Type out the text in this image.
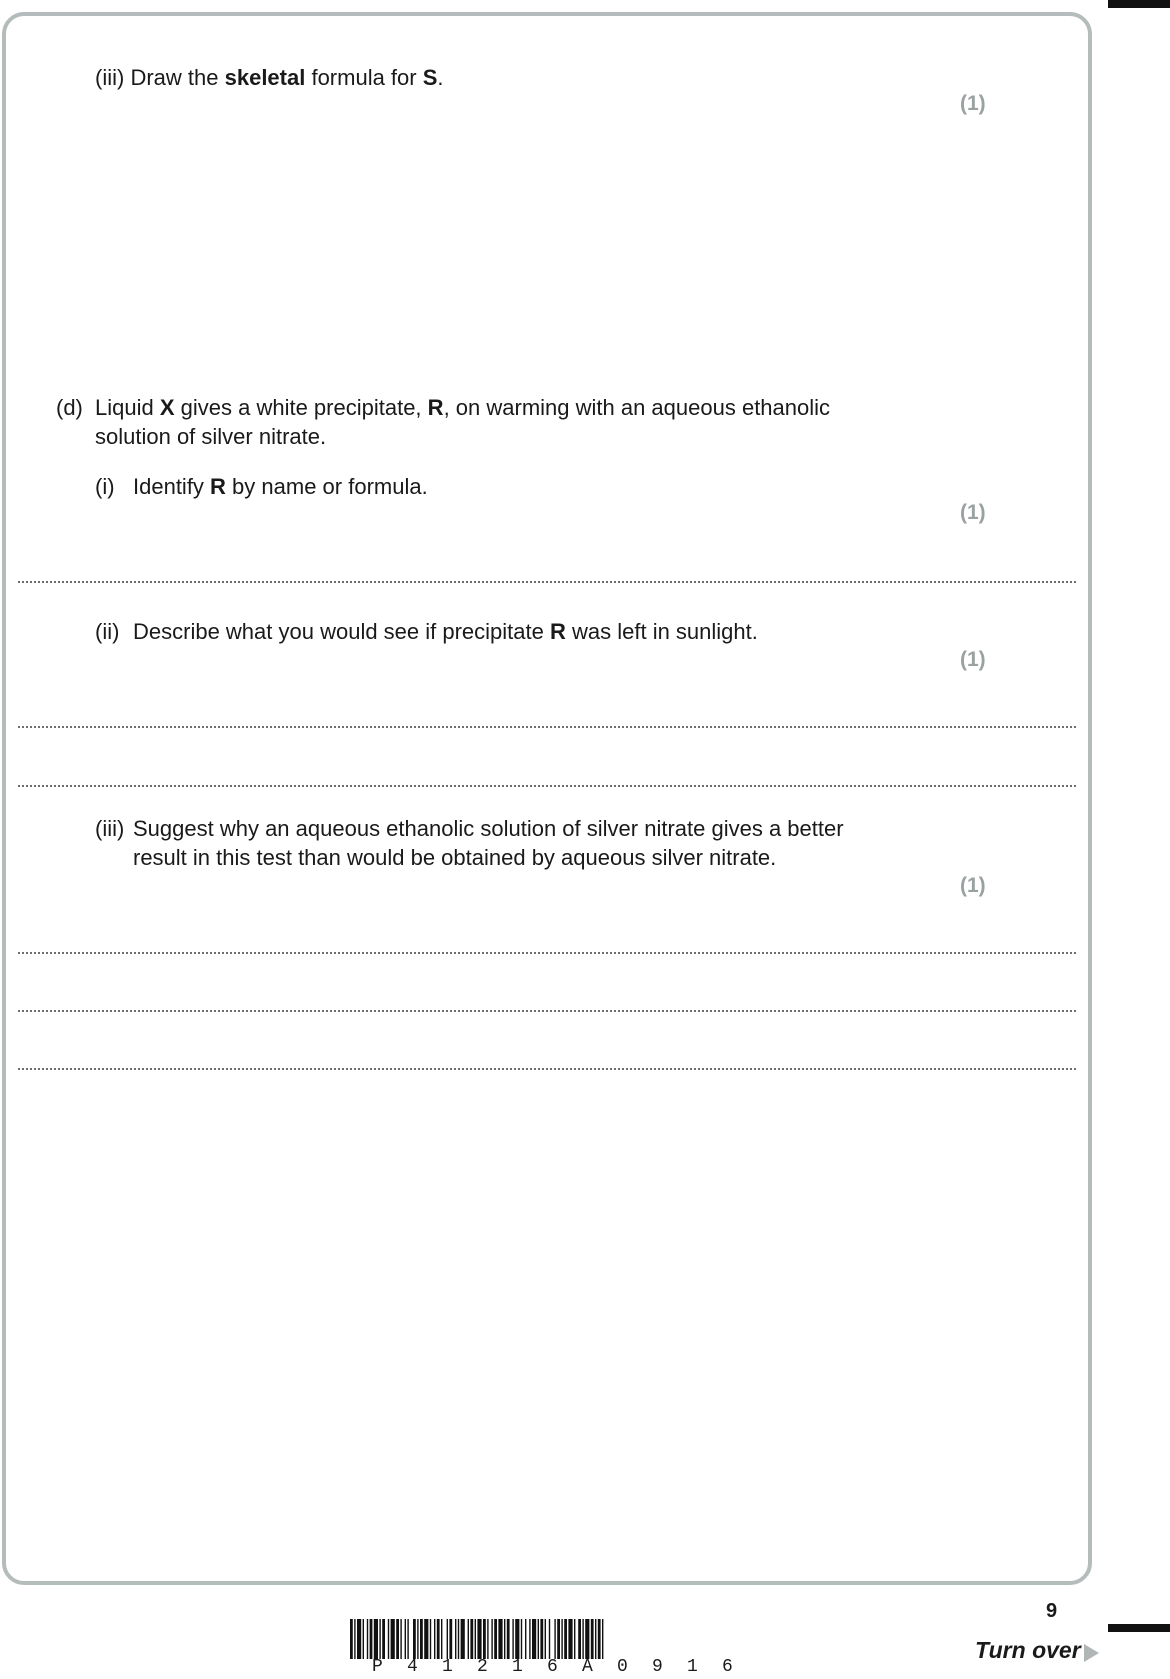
(iii) Draw the skeletal formula for S.
(1)
(d) Liquid X gives a white precipitate, R, on warming with an aqueous ethanolic
solution of silver nitrate.
(i) Identify R by name or formula.
(1)
(ii) Describe what you would see if precipitate R was left in sunlight.
(1)
(iii) Suggest why an aqueous ethanolic solution of silver nitrate gives a better
result in this test than would be obtained by aqueous silver nitrate.
(1)
9
Turn over
P 4 1 2 1 6 A 0 9 1 6
